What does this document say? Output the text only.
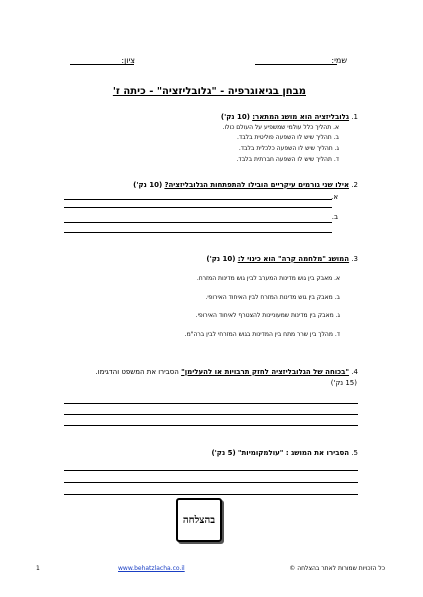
שמי:
ציון:
מבחן בגיאוגרפיה - "גלובליזציה" - כיתה ז'
1. גלובליזציה הוא מושג המתאר: (10 נק')
א. תהליך כלל עולמי שמשפיע על העולם כולו.
ב. תהליך שיש לו השפעה פוליטית בלבד.
ג. תהליך שיש לו השפעה כלכלית בלבד.
ד. תהליך שיש לו השפעה חברתית בלבד.
2. אילו שני גורמים עיקריים הובילו להתפתחות הגלובליזציה? (10 נק')
א.
ב.
3. המושג "מלחמה קרה" הוא כינוי ל: (10 נק')
א. מאבק בין גוש מדינות המערב לבין גוש מדינות המזרח.
ב. מאבק בין גוש מדינות המזרח לבין האיחוד האירופי.
ג. מאבק בין מדינות שמעוניינות להצטרף לאיחוד האירופי.
ד. מהלך בין שרר מתח בין המדינות בגוש המזרחי לבין ברה"מ.
4. "בכוחה של הגלובליזציה לחזק תרבויות או להעלימן" הסבירו את המשפט והדגימו.
(15 נק')
5. הסבירו את המושג : "עולמקומיות" (5 נק')
בהצלחה
1	www.behatzlacha.co.il	כל הזכויות שמורות לאתר בהצלחה ©
